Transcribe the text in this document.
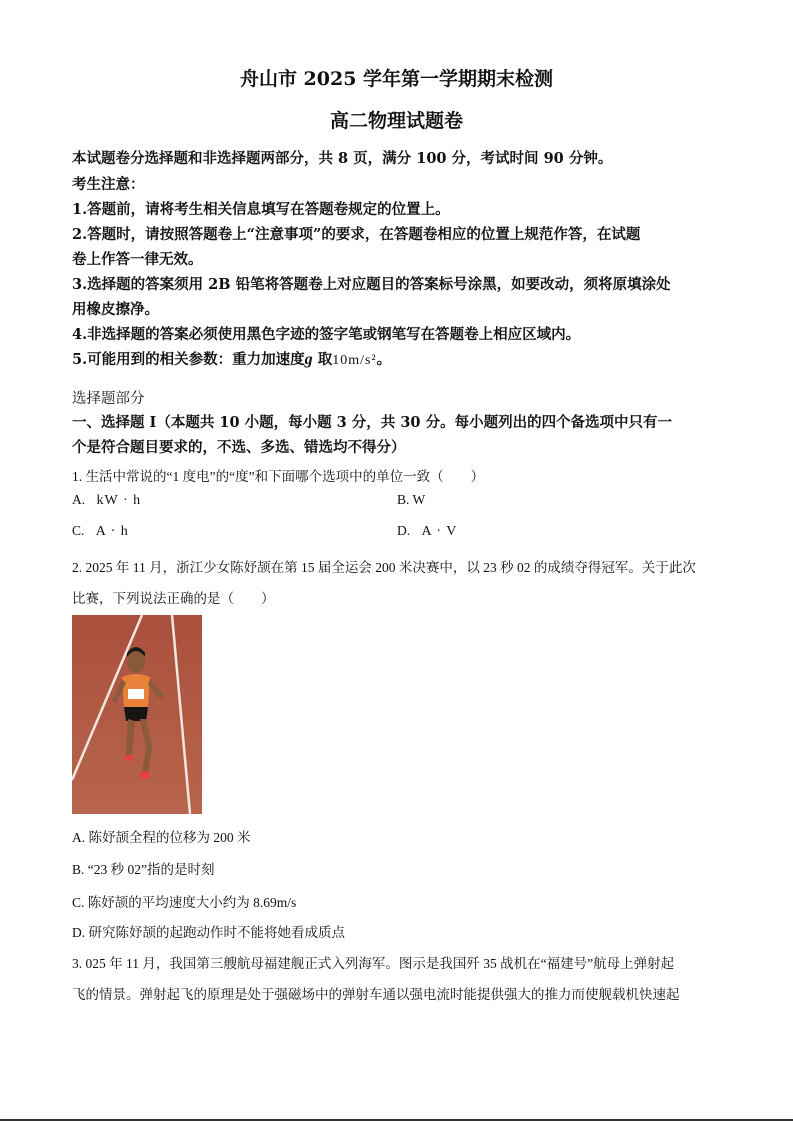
舟山市 2025 学年第一学期期末检测
高二物理试题卷
本试题卷分选择题和非选择题两部分，共 8 页，满分 100 分，考试时间 90 分钟。
考生注意：
1.答题前，请将考生相关信息填写在答题卷规定的位置上。
2.答题时，请按照答题卷上“注意事项”的要求，在答题卷相应的位置上规范作答，在试题
卷上作答一律无效。
3.选择题的答案须用 2B 铅笔将答题卷上对应题目的答案标号涂黑，如要改动，须将原填涂处
用橡皮擦净。
4.非选择题的答案必须使用黑色字迹的签字笔或钢笔写在答题卷上相应区域内。
5.可能用到的相关参数：重力加速度g 取10m/s²。
选择题部分
一、选择题 I（本题共 10 小题，每小题 3 分，共 30 分。每小题列出的四个备选项中只有一
个是符合题目要求的，不选、多选、错选均不得分）
1. 生活中常说的“1 度电”的“度”和下面哪个选项中的单位一致（　　）
A. kW · h	B. W
C. A · h	D. A · V
2. 2025 年 11 月，浙江少女陈妤颉在第 15 届全运会 200 米决赛中，以 23 秒 02 的成绩夺得冠军。关于此次
比赛，下列说法正确的是（　　）
A. 陈妤颉全程的位移为 200 米
B. “23 秒 02”指的是时刻
C. 陈妤颉的平均速度大小约为 8.69m/s
D. 研究陈妤颉的起跑动作时不能将她看成质点
3. 025 年 11 月，我国第三艘航母福建舰正式入列海军。图示是我国歼 35 战机在“福建号”航母上弹射起
飞的情景。弹射起飞的原理是处于强磁场中的弹射车通以强电流时能提供强大的推力而使舰载机快速起
